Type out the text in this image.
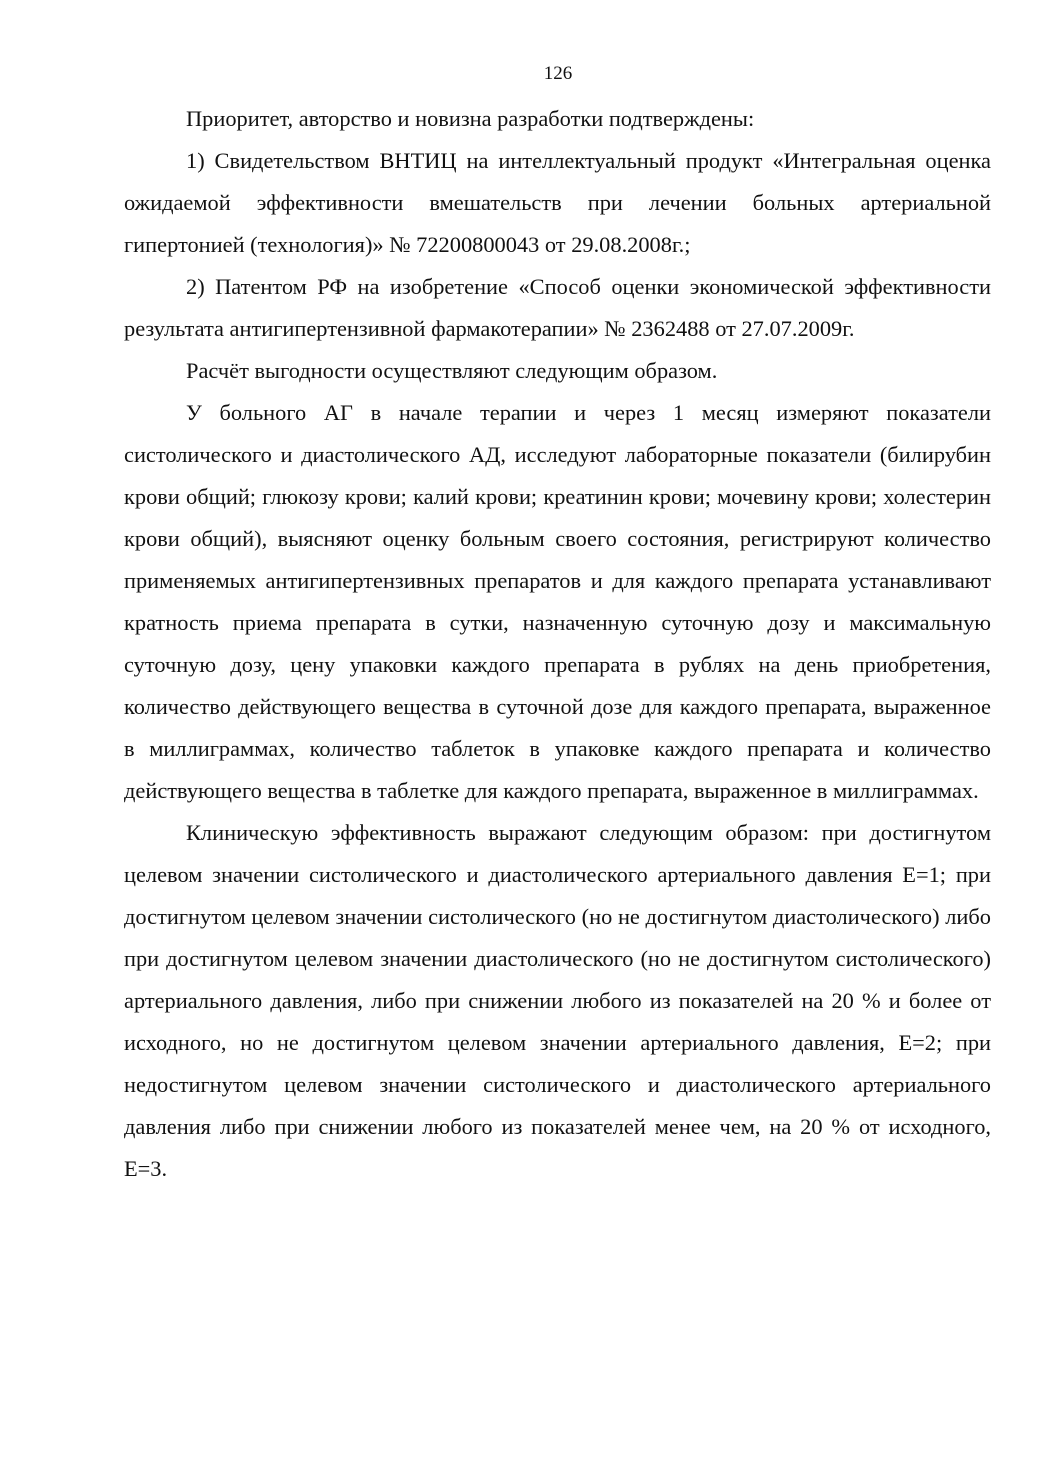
126

Приоритет, авторство и новизна разработки подтверждены:

1) Свидетельством ВНТИЦ на интеллектуальный продукт «Интегральная оценка ожидаемой эффективности вмешательств при лечении больных артериальной гипертонией (технология)» № 72200800043 от 29.08.2008г.;

2) Патентом РФ на изобретение «Способ оценки экономической эффективности результата антигипертензивной фармакотерапии» № 2362488 от 27.07.2009г.

Расчёт выгодности осуществляют следующим образом.

У больного АГ в начале терапии и через 1 месяц измеряют показатели систолического и диастолического АД, исследуют лабораторные показатели (билирубин крови общий; глюкозу крови; калий крови; креатинин крови; мочевину крови; холестерин крови общий), выясняют оценку больным своего состояния, регистрируют количество применяемых антигипертензивных препаратов и для каждого препарата устанавливают кратность приема препарата в сутки, назначенную суточную дозу и максимальную суточную дозу, цену упаковки каждого препарата в рублях на день приобретения, количество действующего вещества в суточной дозе для каждого препарата, выраженное в миллиграммах, количество таблеток в упаковке каждого препарата и количество действующего вещества в таблетке для каждого препарата, выраженное в миллиграммах.

Клиническую эффективность выражают следующим образом: при достигнутом целевом значении систолического и диастолического артериального давления Е=1; при достигнутом целевом значении систолического (но не достигнутом диастолического) либо при достигнутом целевом значении диастолического (но не достигнутом систолического) артериального давления, либо при снижении любого из показателей на 20 % и более от исходного, но не достигнутом целевом значении артериального давления, Е=2; при недостигнутом целевом значении систолического и диастолического артериального давления либо при снижении любого из показателей менее чем, на 20 % от исходного, Е=3.
